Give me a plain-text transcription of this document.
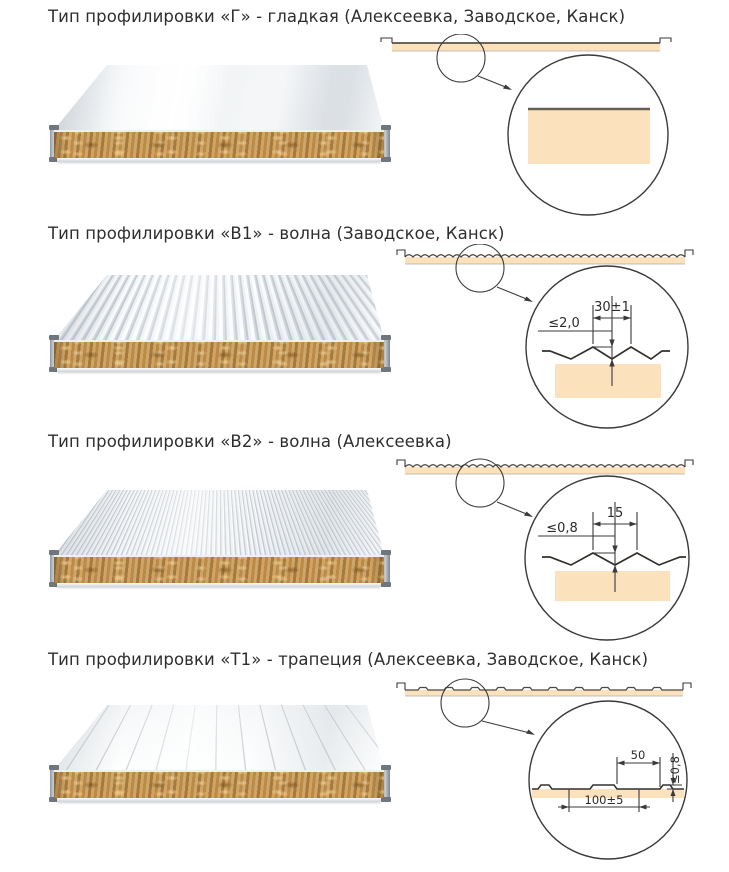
Тип профилировки «Г» - гладкая (Алексеевка, Заводское, Канск)
Тип профилировки «В1» - волна (Заводское, Канск)
30±1
≤2,0
Тип профилировки «В2» - волна (Алексеевка)
15
≤0,8
Тип профилировки «Т1» - трапеция (Алексеевка, Заводское, Канск)
50
≤0,8
100±5
